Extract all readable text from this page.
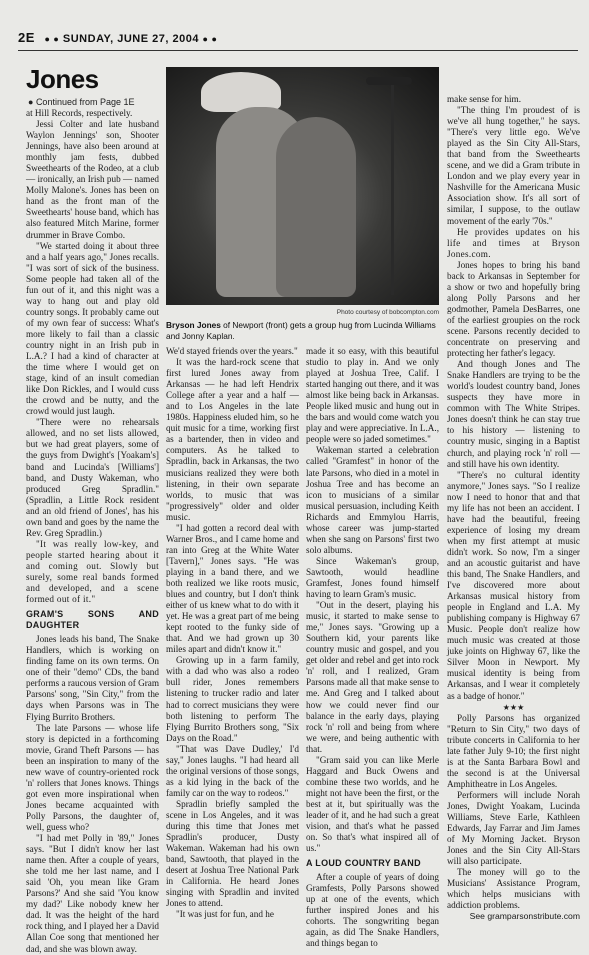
2E ● ● SUNDAY, JUNE 27, 2004 ● ●
Jones
● Continued from Page 1E
Photo courtesy of bobcompton.com
Bryson Jones of Newport (front) gets a group hug from Lucinda Williams and Jonny Kaplan.

at Hill Records, respectively.

Jessi Colter and late husband Waylon Jennings' son, Shooter Jennings, have also been around at monthly jam fests, dubbed Sweethearts of the Rodeo, at a club — ironically, an Irish pub — named Molly Malone's. Jones has been on hand as the front man of the Sweethearts' house band, which has also featured Mitch Marine, former drummer in Brave Combo.

"We started doing it about three and a half years ago," Jones recalls. "I was sort of sick of the business. Some people had taken all of the fun out of it, and this night was a way to hang out and play old country songs. It probably came out of my own fear of success: What's more likely to fail than a classic country night in an Irish pub in L.A.? I had a kind of character at the time where I would get on stage, kind of an insult comedian like Don Rickles, and I would cuss the crowd and be nutty, and the crowd would just laugh.

"There were no rehearsals allowed, and no set lists allowed, but we had great players, some of the guys from Dwight's [Yoakam's] band and Lucinda's [Williams'] band, and Dusty Wakeman, who produced Greg Spradlin." (Spradlin, a Little Rock resident and an old friend of Jones', has his own band and goes by the name the Rev. Greg Spradlin.)

"It was really low-key, and people started hearing about it and coming out. Slowly but surely, some real bands formed and developed, and a scene formed out of it."

GRAM'S SONS AND DAUGHTER

Jones leads his band, The Snake Handlers, which is working on finding fame on its own terms. On one of their "demo" CDs, the band performs a raucous version of Gram Parsons' song, "Sin City," from the days when Parsons was in The Flying Burrito Brothers.

The late Parsons — whose life story is depicted in a forthcoming movie, Grand Theft Parsons — has been an inspiration to many of the new wave of country-oriented rock 'n' rollers that Jones knows. Things got even more inspirational when Jones became acquainted with Polly Parsons, the daughter of, well, guess who?

"I had met Polly in '89," Jones says. "But I didn't know her last name then. After a couple of years, she told me her last name, and I said 'Oh, you mean like Gram Parsons?' And she said 'You know my dad?' Like nobody knew her dad. It was the height of the hard rock thing, and I played her a David Allan Coe song that mentioned her dad, and she was blown away.

We'd stayed friends over the years."

It was the hard-rock scene that first lured Jones away from Arkansas — he had left Hendrix College after a year and a half — and to Los Angeles in the late 1980s. Happiness eluded him, so he quit music for a time, working first as a bartender, then in video and computers. As he talked to Spradlin, back in Arkansas, the two musicians realized they were both listening, in their own separate worlds, to music that was "progressively" older and older music.

"I had gotten a record deal with Warner Bros., and I came home and ran into Greg at the White Water [Tavern]," Jones says. "He was playing in a band there, and we both realized we like roots music, blues and country, but I don't think either of us knew what to do with it yet. He was a great part of me being kept rooted to the funky side of that. And we had grown up 30 miles apart and didn't know it."

Growing up in a farm family, with a dad who was also a rodeo bull rider, Jones remembers listening to trucker radio and later had to correct musicians they were both listening to perform The Flying Burrito Brothers song, "Six Days on the Road."

"That was Dave Dudley,' I'd say," Jones laughs. "I had heard all the original versions of those songs, as a kid lying in the back of the family car on the way to rodeos."

Spradlin briefly sampled the scene in Los Angeles, and it was during this time that Jones met Spradlin's producer, Dusty Wakeman. Wakeman had his own band, Sawtooth, that played in the desert at Joshua Tree National Park in California. He heard Jones singing with Spradlin and invited Jones to attend.

"It was just for fun, and he

made it so easy, with this beautiful studio to play in. And we only played at Joshua Tree, Calif. I started hanging out there, and it was almost like being back in Arkansas. People liked music and hung out in the bars and would come watch you play and were appreciative. In L.A., people were so jaded sometimes."

Wakeman started a celebration called "Gramfest" in honor of the late Parsons, who died in a motel in Joshua Tree and has become an icon to musicians of a similar musical persuasion, including Keith Richards and Emmylou Harris, whose career was jump-started when she sang on Parsons' first two solo albums.

Since Wakeman's group, Sawtooth, would headline Gramfest, Jones found himself having to learn Gram's music.

"Out in the desert, playing his music, it started to make sense to me," Jones says. "Growing up a Southern kid, your parents like country music and gospel, and you get older and rebel and get into rock 'n' roll, and I realized, Gram Parsons made all that make sense to me. And Greg and I talked about how we could never find our balance in the early days, playing rock 'n' roll and being from where we were, and being authentic with that.

"Gram said you can like Merle Haggard and Buck Owens and combine these two worlds, and he might not have been the first, or the best at it, but spiritually was the leader of it, and he had such a great vision, and that's what he passed on. So that's what inspired all of us."

A LOUD COUNTRY BAND

After a couple of years of doing Gramfests, Polly Parsons showed up at one of the events, which further inspired Jones and his cohorts. The songwriting began again, as did The Snake Handlers, and things began to

make sense for him.

"The thing I'm proudest of is we've all hung together," he says. "There's very little ego. We've played as the Sin City All-Stars, that band from the Sweethearts scene, and we did a Gram tribute in London and we play every year in Nashville for the Americana Music Association show. It's all sort of similar, I suppose, to the outlaw movement of the early '70s."

He provides updates on his life and times at Bryson Jones.com.

Jones hopes to bring his band back to Arkansas in September for a show or two and hopefully bring along Polly Parsons and her godmother, Pamela DesBarres, one of the earliest groupies on the rock scene. Parsons recently decided to concentrate on preserving and protecting her father's legacy.

And though Jones and The Snake Handlers are trying to be the world's loudest country band, Jones suspects they have more in common with The White Stripes. Jones doesn't think he can stay true to his history — listening to country music, singing in a Baptist church, and playing rock 'n' roll — and still have his own identity.

"There's no cultural identity anymore," Jones says. "So I realize now I need to honor that and that my life has not been an accident. I have had the beautiful, freeing experience of losing my dream when my first attempt at music didn't work. So now, I'm a singer and an acoustic guitarist and have this band, The Snake Handlers, and I've discovered more about Arkansas musical history from people in England and L.A. My publishing company is Highway 67 Music. People don't realize how much music was created at those juke joints on Highway 67, like the Silver Moon in Newport. My musical identity is being from Arkansas, and I wear it completely as a badge of honor."

★★★

Polly Parsons has organized "Return to Sin City," two days of tribute concerts in California to her late father July 9-10; the first night is at the Santa Barbara Bowl and the second is at the Universal Amphitheatre in Los Angeles.

Performers will include Norah Jones, Dwight Yoakam, Lucinda Williams, Steve Earle, Kathleen Edwards, Jay Farrar and Jim James of My Morning Jacket. Bryson Jones and the Sin City All-Stars will also participate.

The money will go to the Musicians' Assistance Program, which helps musicians with addiction problems.

See gramparsonstribute.com
